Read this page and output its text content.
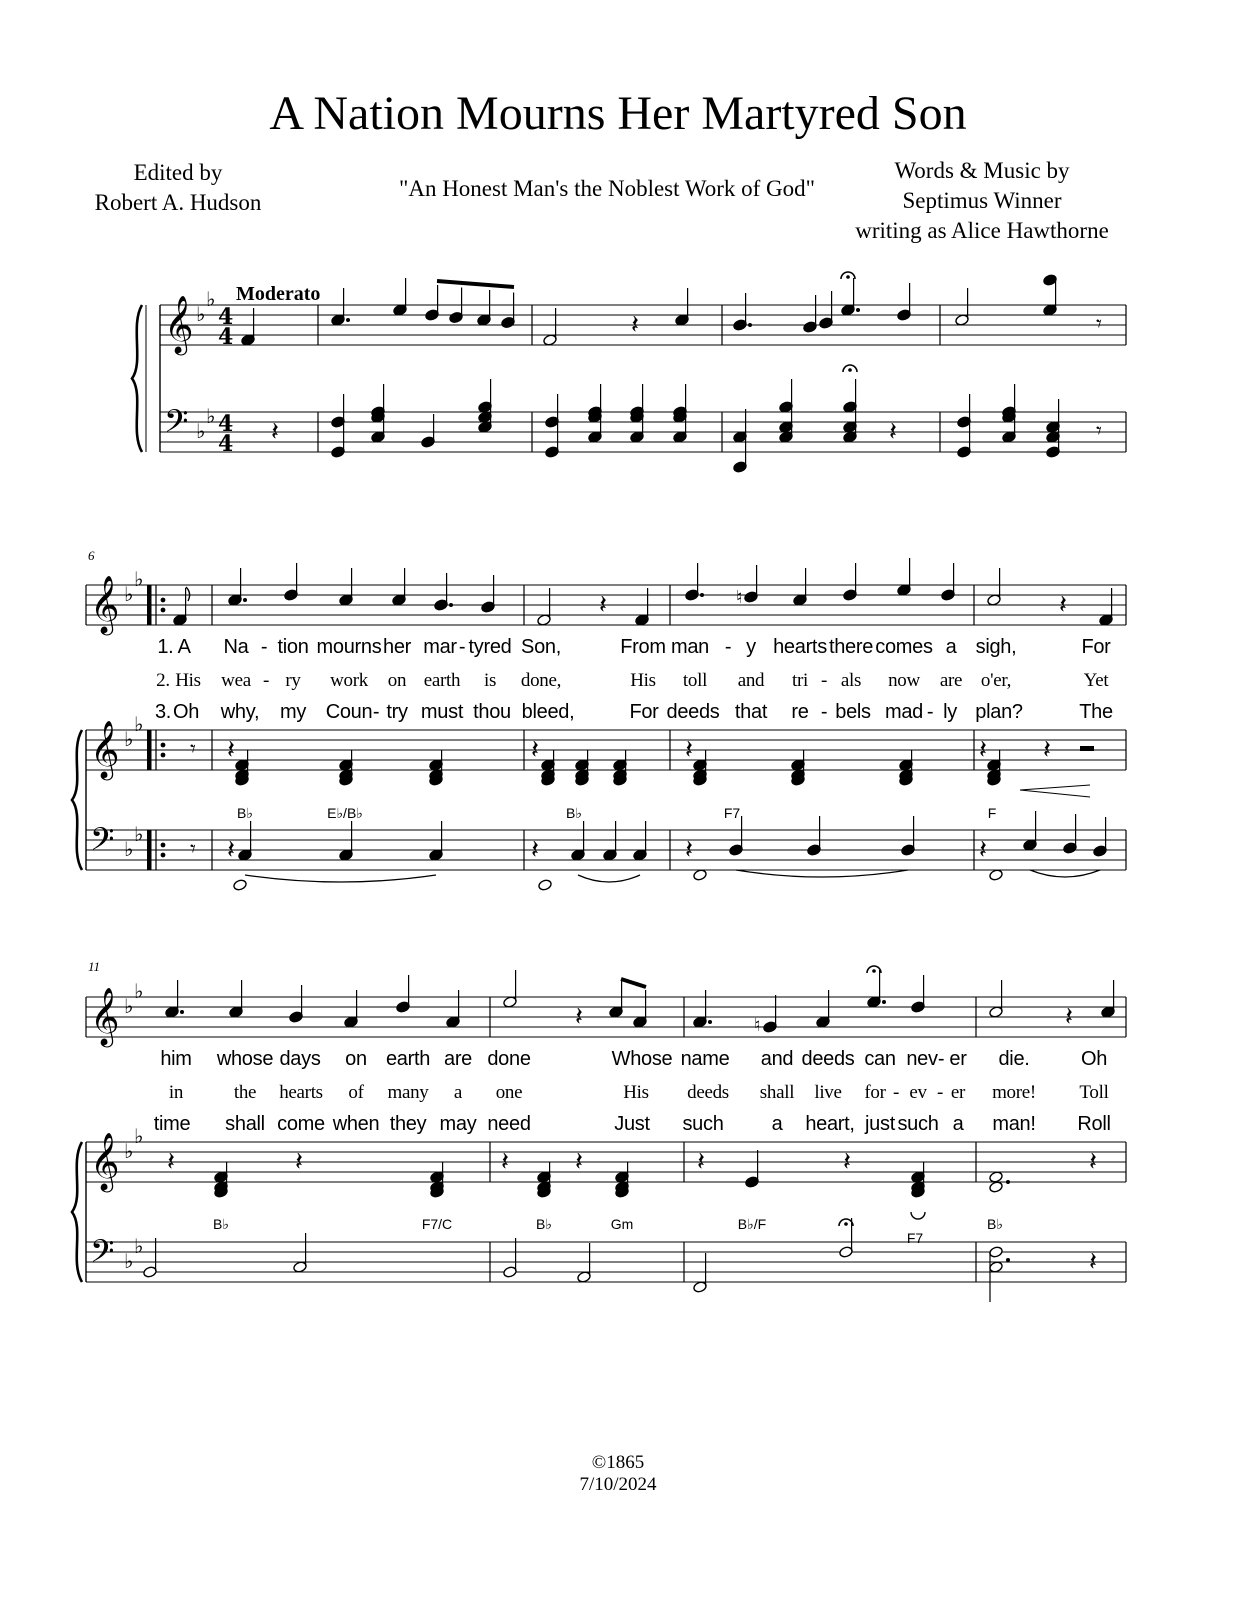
A Nation Mourns Her Martyred Son
Edited by
Robert A. Hudson
"An Honest Man's the Noblest Work of God"
Words & Music by
Septimus Winner
writing as Alice Hawthorne
Moderato
11
6
𝄞
𝄢
♭
♭
♭
♭
4
4
4
4
𝄽	𝄾
𝄽	𝄽	𝄾
𝄞
𝄞
𝄢
♭
♭
♭
♭
♭
♭
𝄽	♮	𝄽
𝄾 𝄽	𝄽	𝄽	𝄽 𝄽
𝄾 𝄽	𝄽	𝄽	𝄽
𝄞
𝄞
𝄢
♭
♭
♭
♭
♭
♭
𝄽	♮	𝄽
𝄽	𝄽	𝄽	𝄽	𝄽	𝄽	𝄽
𝄽
1. A Na - tion mourns her mar - tyred Son,	From man - y hearts there comes a sigh,	For
2. His wea - ry work on earth is done,	His toll and tri - als now are o'er,	Yet
3. Oh why, my Coun - try must thou bleed,	For deeds that re - bels mad - ly plan?	The
B♭	E♭/B♭	B♭	F7	F
him whose days on earth are done	Whose name and deeds can nev - er die.	Oh
in	the hearts of many a one	His deeds shall live for - ev - er more! Toll
time shall come when they may need	Just such a heart, just such a man! Roll
B♭	F7/C	B♭	Gm	B♭/F
F7
B♭
©1865
7/10/2024
